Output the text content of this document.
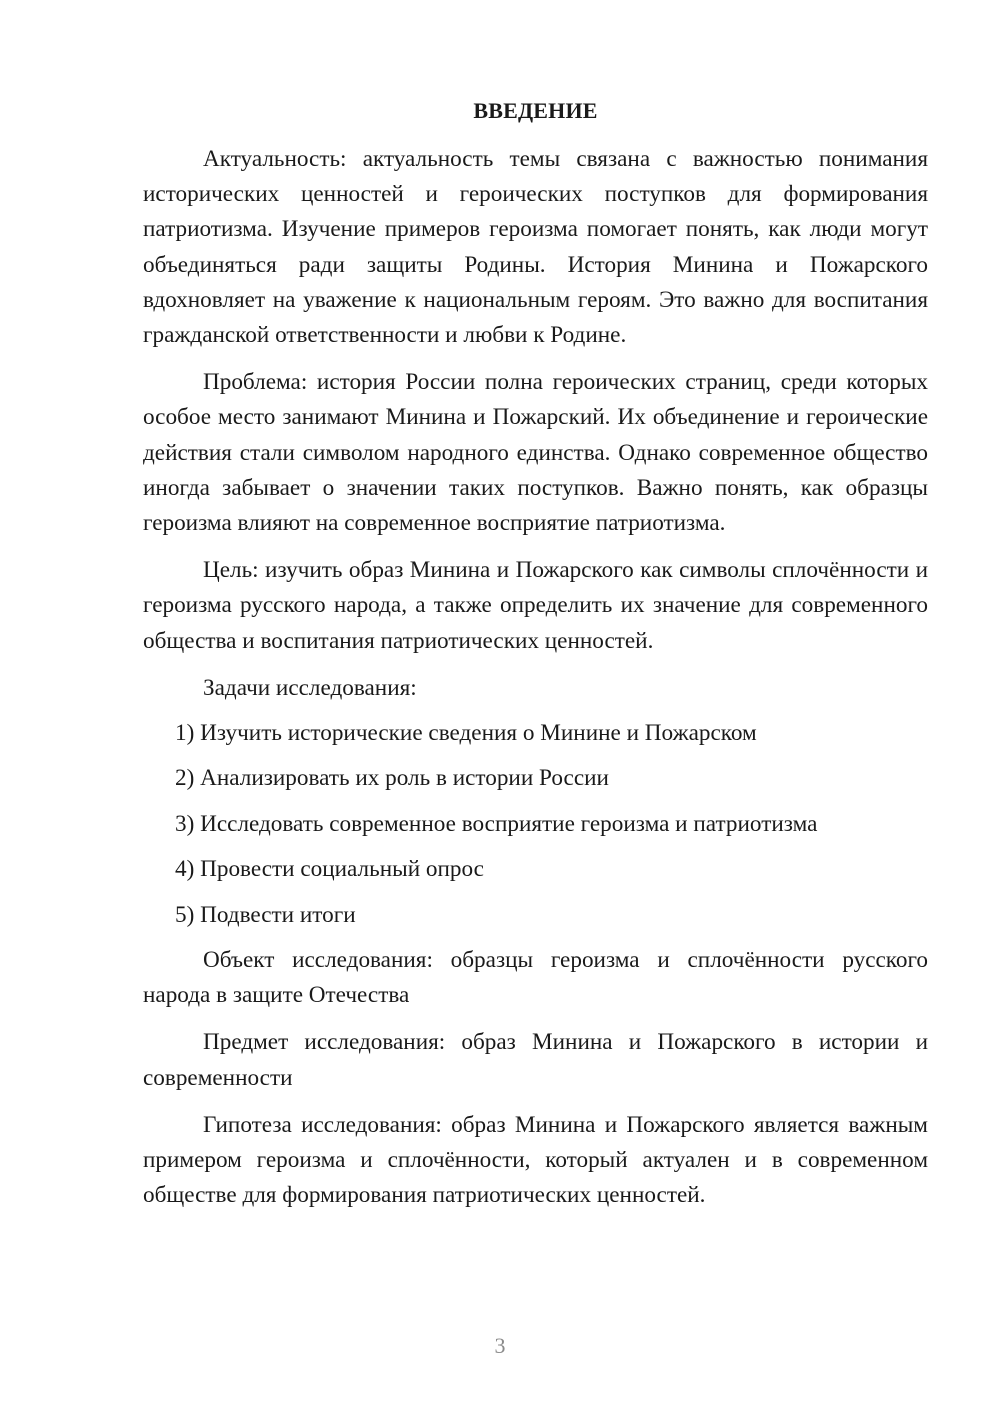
ВВЕДЕНИЕ

Актуальность: актуальность темы связана с важностью понимания исторических ценностей и героических поступков для формирования патриотизма. Изучение примеров героизма помогает понять, как люди могут объединяться ради защиты Родины. История Минина и Пожарского вдохновляет на уважение к национальным героям. Это важно для воспитания гражданской ответственности и любви к Родине.

Проблема: история России полна героических страниц, среди которых особое место занимают Минина и Пожарский. Их объединение и героические действия стали символом народного единства. Однако современное общество иногда забывает о значении таких поступков. Важно понять, как образцы героизма влияют на современное восприятие патриотизма.

Цель: изучить образ Минина и Пожарского как символы сплочённости и героизма русского народа, а также определить их значение для современного общества и воспитания патриотических ценностей.

Задачи исследования:

1) Изучить исторические сведения о Минине и Пожарском
2) Анализировать их роль в истории России
3) Исследовать современное восприятие героизма и патриотизма
4) Провести социальный опрос
5) Подвести итоги

Объект исследования: образцы героизма и сплочённости русского народа в защите Отечества

Предмет исследования: образ Минина и Пожарского в истории и современности

Гипотеза исследования: образ Минина и Пожарского является важным примером героизма и сплочённости, который актуален и в современном обществе для формирования патриотических ценностей.

3
